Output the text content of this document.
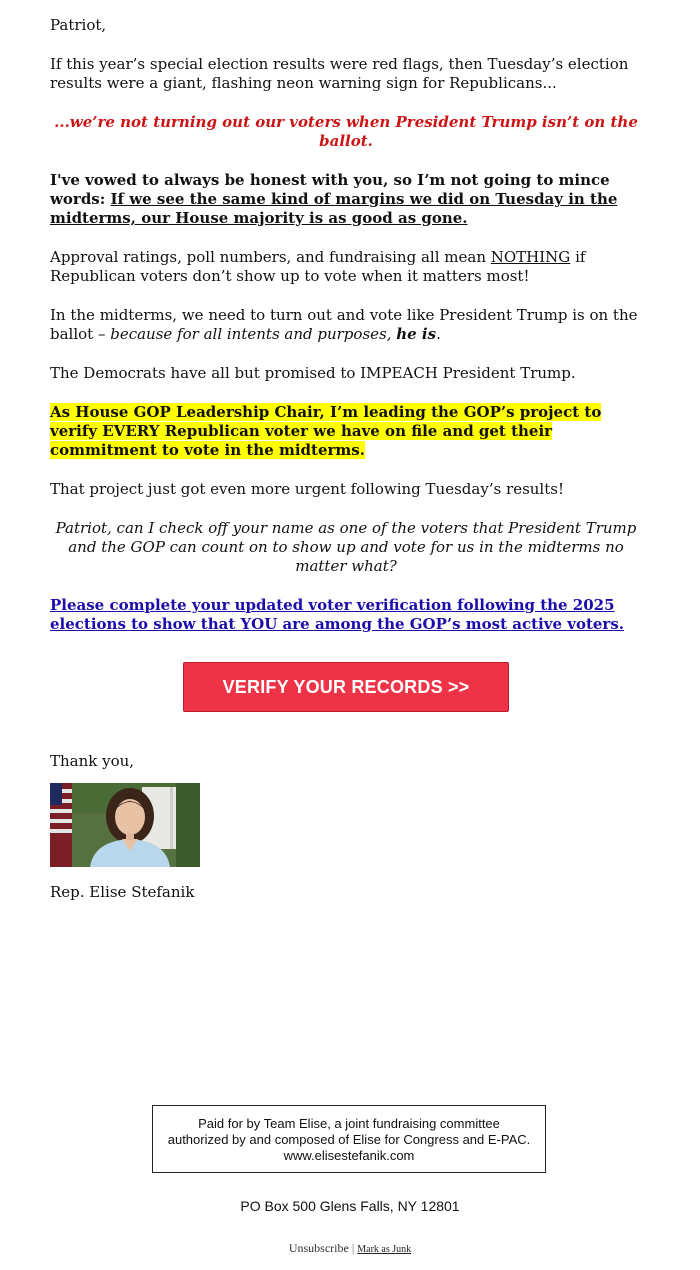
Patriot,

If this year’s special election results were red flags, then Tuesday’s election results were a giant, flashing neon warning sign for Republicans...

...we’re not turning out our voters when President Trump isn’t on the ballot.

I've vowed to always be honest with you, so I’m not going to mince words: If we see the same kind of margins we did on Tuesday in the midterms, our House majority is as good as gone.

Approval ratings, poll numbers, and fundraising all mean NOTHING if Republican voters don’t show up to vote when it matters most!

In the midterms, we need to turn out and vote like President Trump is on the ballot – because for all intents and purposes, he is.

The Democrats have all but promised to IMPEACH President Trump.

As House GOP Leadership Chair, I’m leading the GOP’s project to verify EVERY Republican voter we have on file and get their commitment to vote in the midterms.

That project just got even more urgent following Tuesday’s results!

Patriot, can I check off your name as one of the voters that President Trump and the GOP can count on to show up and vote for us in the midterms no matter what?

Please complete your updated voter verification following the 2025 elections to show that YOU are among the GOP’s most active voters.
VERIFY YOUR RECORDS >>

Thank you,

Rep. Elise Stefanik

Paid for by Team Elise, a joint fundraising committee authorized by and composed of Elise for Congress and E-PAC. www.elisestefanik.com
PO Box 500 Glens Falls, NY 12801
Unsubscribe | Mark as Junk
